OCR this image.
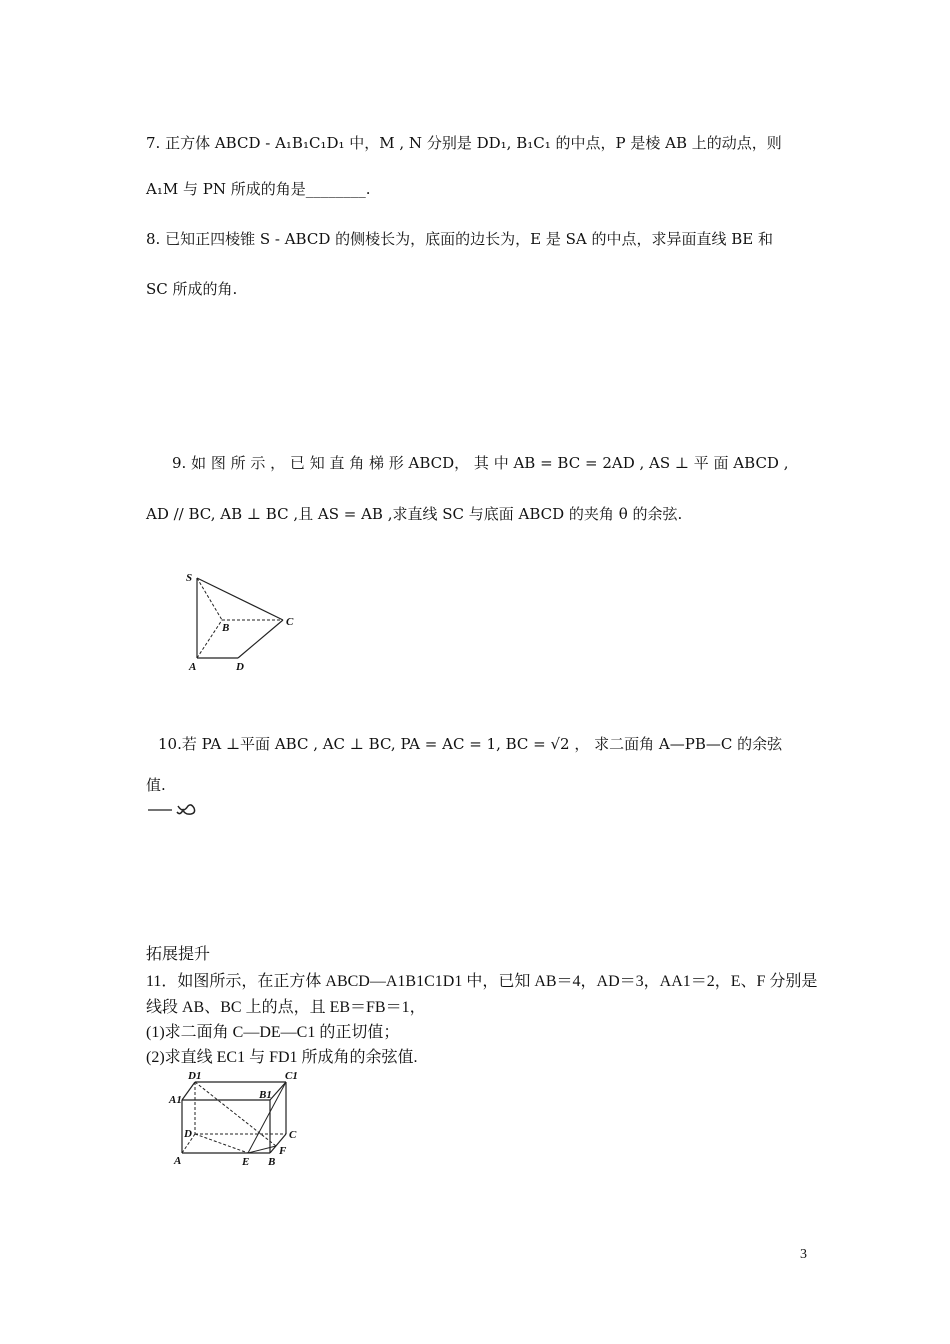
7. 正方体 ABCD - A₁B₁C₁D₁ 中，M , N 分别是 DD₁, B₁C₁ 的中点，P 是棱 AB 上的动点，则
A₁M 与 PN 所成的角是________.
8. 已知正四棱锥 S - ABCD 的侧棱长为，底面的边长为，E 是 SA 的中点，求异面直线 BE 和
SC 所成的角.
9. 如 图 所 示 ， 已 知 直 角 梯 形 ABCD， 其 中 AB = BC = 2AD , AS ⊥ 平 面 ABCD ,
AD // BC, AB ⊥ BC ,且 AS = AB ,求直线 SC 与底面 ABCD 的夹角 θ 的余弦.
S
B	C
A	D
10.若 PA ⊥平面 ABC , AC ⊥ BC, PA = AC = 1, BC = √2 ， 求二面角 A—PB—C 的余弦
值.
拓展提升
11．如图所示，在正方体 ABCD—A1B1C1D1 中，已知 AB＝4，AD＝3，AA1＝2，E、F 分别是
线段 AB、BC 上的点，且 EB＝FB＝1，
(1)求二面角 C—DE—C1 的正切值；
(2)求直线 EC1 与 FD1 所成角的余弦值.
D1	C1
A1	B1
D	C
A	E B
F
3
